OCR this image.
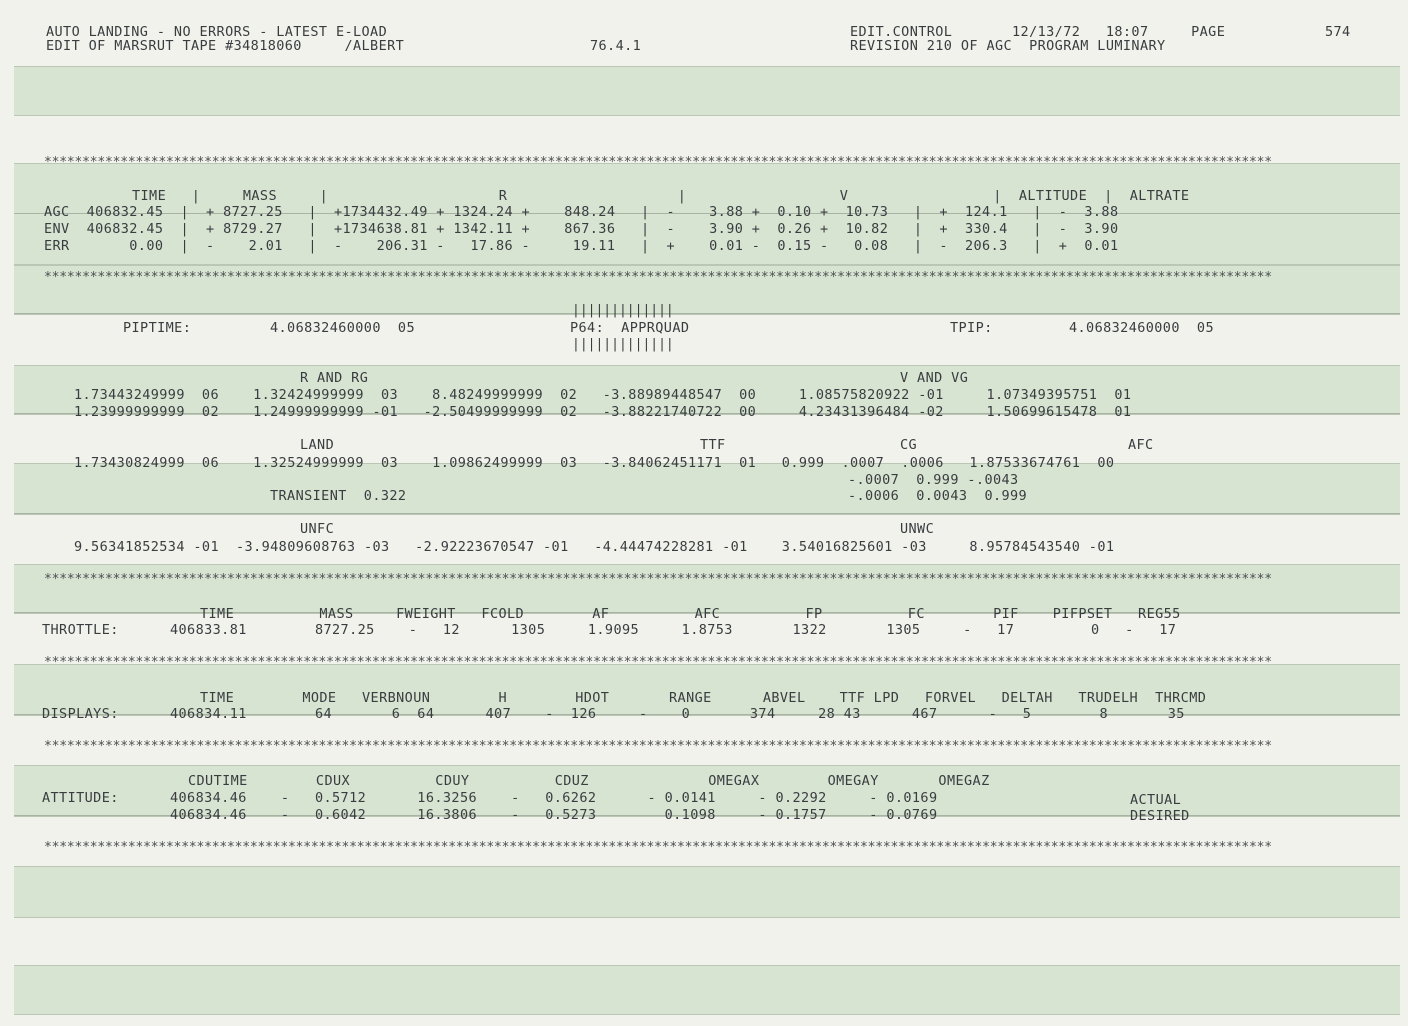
AUTO LANDING - NO ERRORS - LATEST E-LOAD
EDIT OF MARSRUT TAPE #34818060     /ALBERT	76.4.1
EDIT.CONTROL       12/13/72   18:07     PAGE	574
REVISION 210 OF AGC  PROGRAM LUMINARY
*****************************************************************************************************************************************************************
*****************************************************************************************************************************************************************
*****************************************************************************************************************************************************************
*****************************************************************************************************************************************************************
*****************************************************************************************************************************************************************
*****************************************************************************************************************************************************************
TIME   |     MASS     |                    R                    |                  V                 |  ALTITUDE  |  ALTRATE
AGC  406832.45  |  + 8727.25   |  +1734432.49 + 1324.24 +    848.24   |  -    3.88 +  0.10 +  10.73   |  +  124.1   |  -  3.88
ENV  406832.45  |  + 8729.27   |  +1734638.81 + 1342.11 +    867.36   |  -    3.90 +  0.26 +  10.82   |  +  330.4   |  -  3.90
ERR       0.00  |  -    2.01   |  -    206.31 -   17.86 -     19.11   |  +    0.01 -  0.15 -   0.08   |  -  206.3   |  +  0.01
|||||||||||||
PIPTIME:	4.06832460000  05	P64:  APPRQUAD	TPIP:	4.06832460000  05
|||||||||||||
R AND RG	V AND VG
1.73443249999  06    1.32424999999  03    8.48249999999  02   -3.88989448547  00     1.08575820922 -01     1.07349395751  01
1.23999999999  02    1.24999999999 -01   -2.50499999999  02   -3.88221740722  00     4.23431396484 -02     1.50699615478  01
LAND	TTF	CG	AFC
1.73430824999  06    1.32524999999  03    1.09862499999  03   -3.84062451171  01   0.999  .0007  .0006   1.87533674761  00
-.0007  0.999 -.0043
TRANSIENT  0.322	-.0006  0.0043  0.999
UNFC	UNWC
9.56341852534 -01  -3.94809608763 -03   -2.92223670547 -01   -4.44474228281 -01    3.54016825601 -03     8.95784543540 -01
TIME          MASS     FWEIGHT   FCOLD        AF          AFC          FP          FC        PIF    PIFPSET   REG55
THROTTLE:	406833.81        8727.25    -   12      1305     1.9095     1.8753       1322       1305     -   17         0   -   17
TIME        MODE   VERBNOUN        H        HDOT       RANGE      ABVEL    TTF LPD   FORVEL   DELTAH   TRUDELH  THRCMD
DISPLAYS:	406834.11        64       6  64      407    -  126     -    0       374     28 43      467      -   5        8       35
CDUTIME        CDUX          CDUY          CDUZ              OMEGAX        OMEGAY       OMEGAZ
ATTITUDE:	406834.46    -   0.5712      16.3256    -   0.6262      - 0.0141     - 0.2292     - 0.0169	ACTUAL
406834.46    -   0.6042      16.3806    -   0.5273        0.1098     - 0.1757     - 0.0769	DESIRED
